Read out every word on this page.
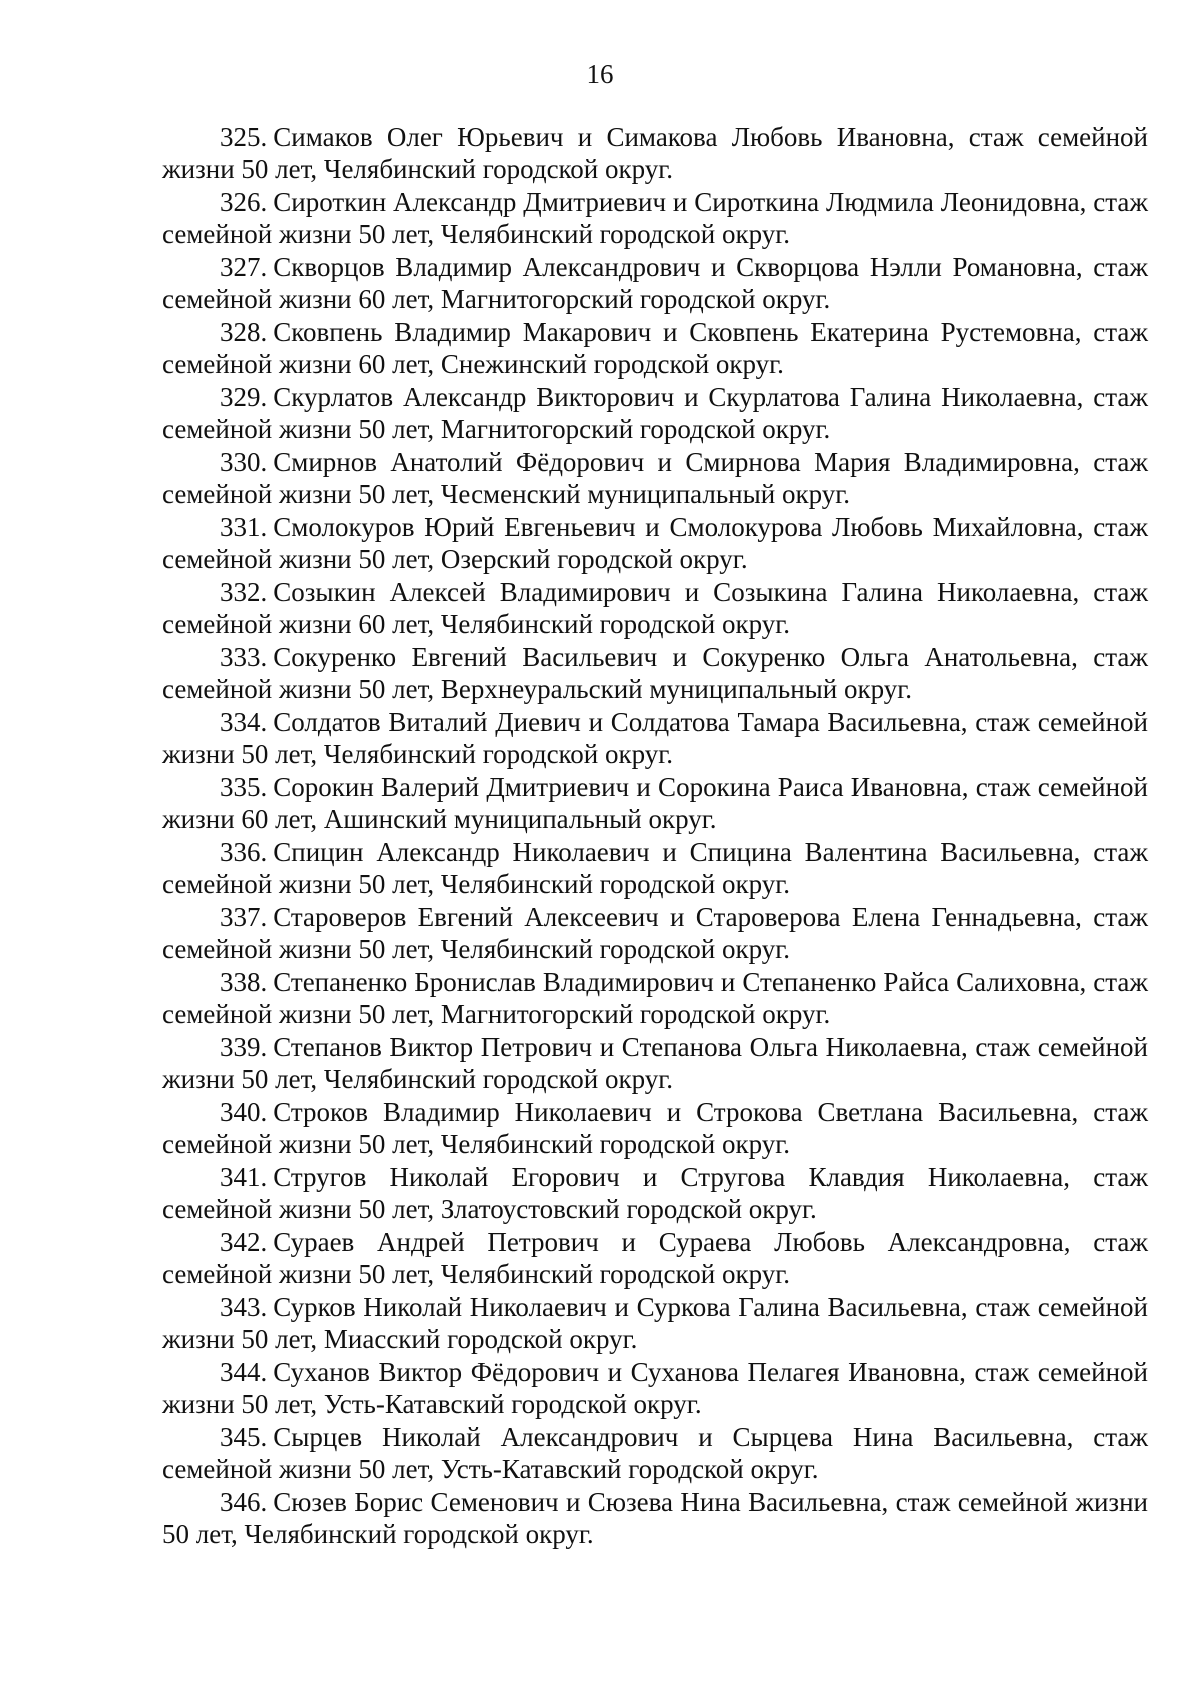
16

325. Симаков Олег Юрьевич и Симакова Любовь Ивановна, стаж семейной жизни 50 лет, Челябинский городской округ.

326. Сироткин Александр Дмитриевич и Сироткина Людмила Леонидовна, стаж семейной жизни 50 лет, Челябинский городской округ.

327. Скворцов Владимир Александрович и Скворцова Нэлли Романовна, стаж семейной жизни 60 лет, Магнитогорский городской округ.

328. Сковпень Владимир Макарович и Сковпень Екатерина Рустемовна, стаж семейной жизни 60 лет, Снежинский городской округ.

329. Скурлатов Александр Викторович и Скурлатова Галина Николаевна, стаж семейной жизни 50 лет, Магнитогорский городской округ.

330. Смирнов Анатолий Фёдорович и Смирнова Мария Владимировна, стаж семейной жизни 50 лет, Чесменский муниципальный округ.

331. Смолокуров Юрий Евгеньевич и Смолокурова Любовь Михайловна, стаж семейной жизни 50 лет, Озерский городской округ.

332. Созыкин Алексей Владимирович и Созыкина Галина Николаевна, стаж семейной жизни 60 лет, Челябинский городской округ.

333. Сокуренко Евгений Васильевич и Сокуренко Ольга Анатольевна, стаж семейной жизни 50 лет, Верхнеуральский муниципальный округ.

334. Солдатов Виталий Диевич и Солдатова Тамара Васильевна, стаж семейной жизни 50 лет, Челябинский городской округ.

335. Сорокин Валерий Дмитриевич и Сорокина Раиса Ивановна, стаж семейной жизни 60 лет, Ашинский муниципальный округ.

336. Спицин Александр Николаевич и Спицина Валентина Васильевна, стаж семейной жизни 50 лет, Челябинский городской округ.

337. Староверов Евгений Алексеевич и Староверова Елена Геннадьевна, стаж семейной жизни 50 лет, Челябинский городской округ.

338. Степаненко Бронислав Владимирович и Степаненко Райса Салиховна, стаж семейной жизни 50 лет, Магнитогорский городской округ.

339. Степанов Виктор Петрович и Степанова Ольга Николаевна, стаж семейной жизни 50 лет, Челябинский городской округ.

340. Строков Владимир Николаевич и Строкова Светлана Васильевна, стаж семейной жизни 50 лет, Челябинский городской округ.

341. Стругов Николай Егорович и Стругова Клавдия Николаевна, стаж семейной жизни 50 лет, Златоустовский городской округ.

342. Сураев Андрей Петрович и Сураева Любовь Александровна, стаж семейной жизни 50 лет, Челябинский городской округ.

343. Сурков Николай Николаевич и Суркова Галина Васильевна, стаж семейной жизни 50 лет, Миасский городской округ.

344. Суханов Виктор Фёдорович и Суханова Пелагея Ивановна, стаж семейной жизни 50 лет, Усть-Катавский городской округ.

345. Сырцев Николай Александрович и Сырцева Нина Васильевна, стаж семейной жизни 50 лет, Усть-Катавский городской округ.

346. Сюзев Борис Семенович и Сюзева Нина Васильевна, стаж семейной жизни 50 лет, Челябинский городской округ.
